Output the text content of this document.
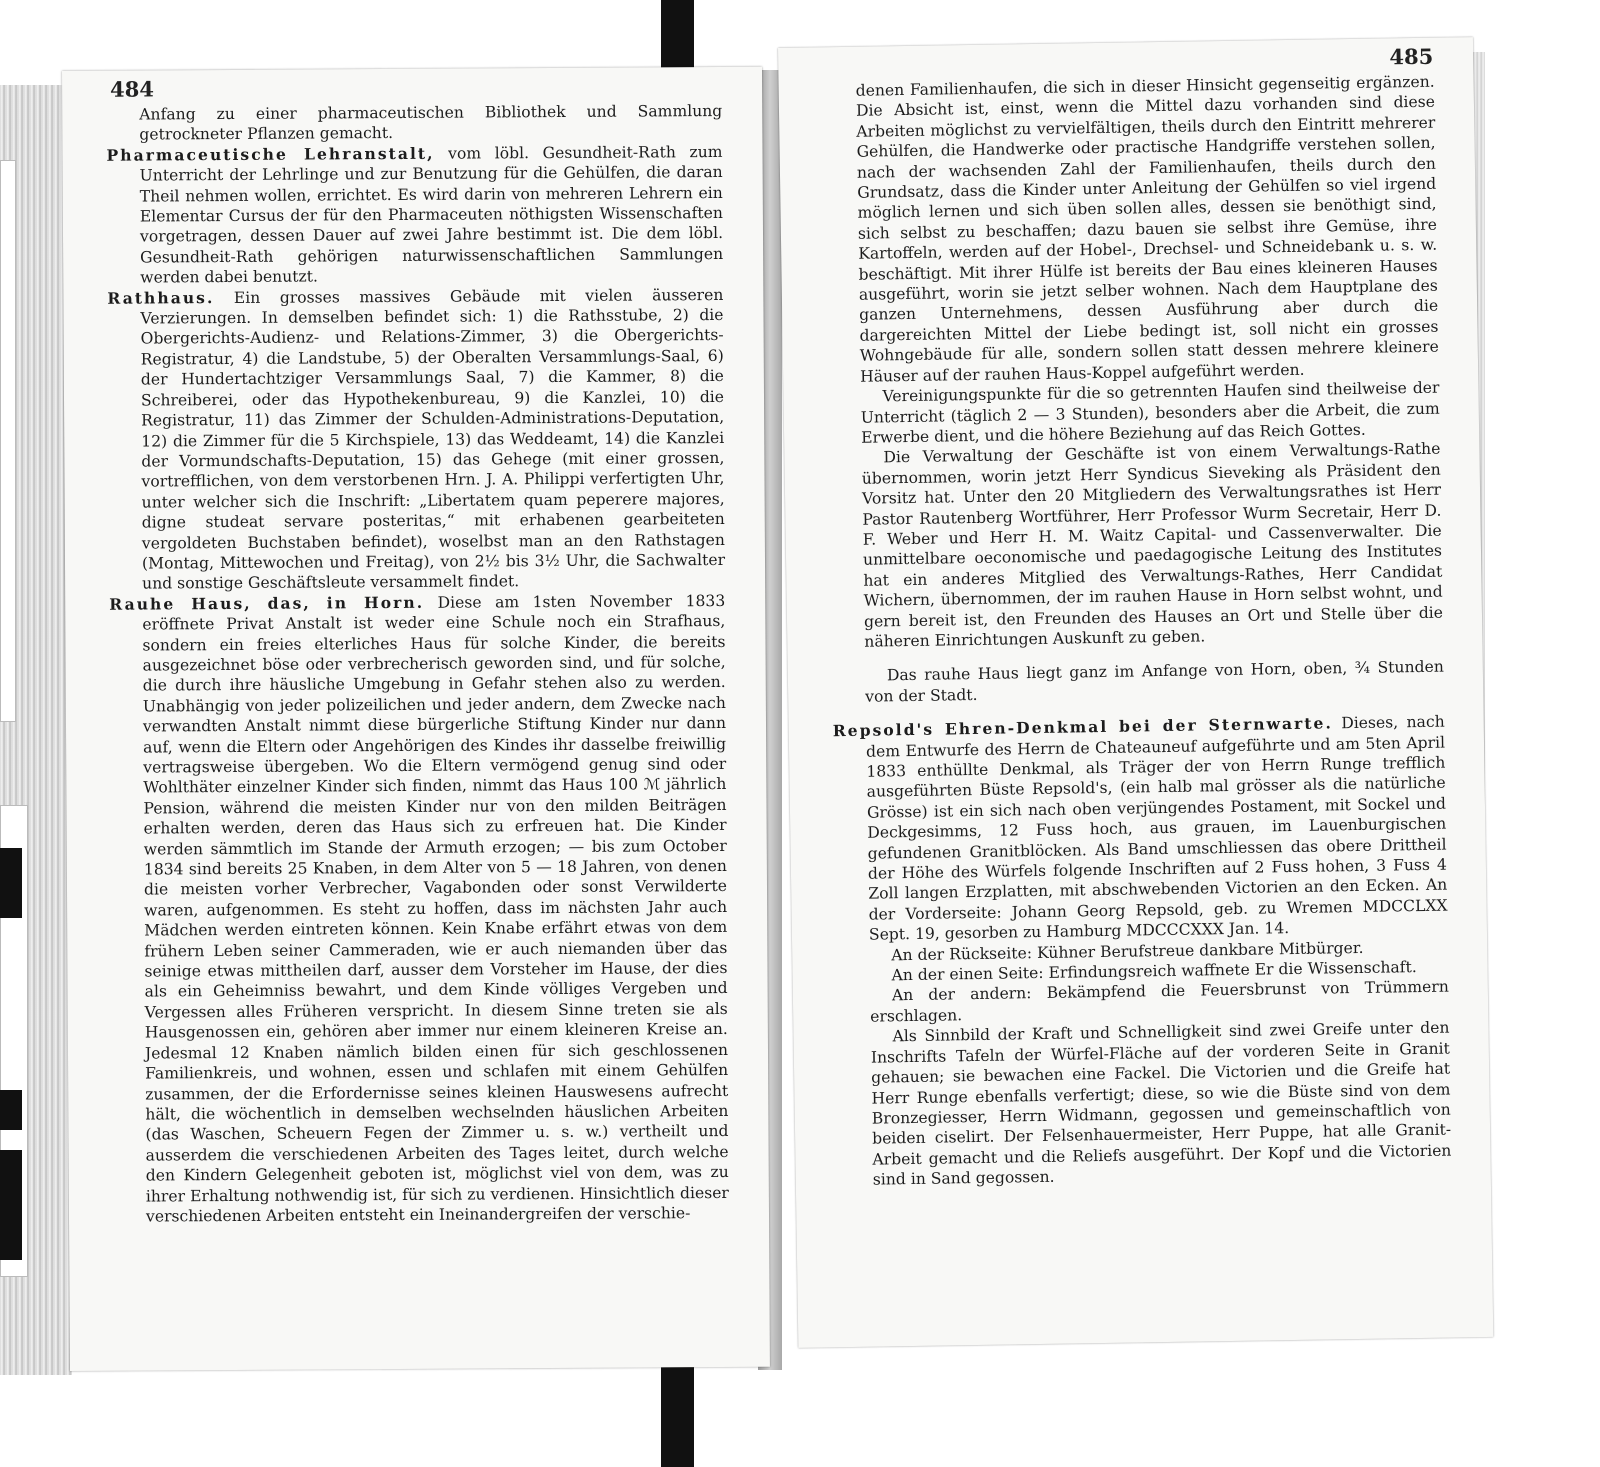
484

Anfang zu einer pharmaceutischen Bibliothek und Sammlung getrockneter Pflanzen gemacht.

Pharmaceutische Lehranstalt, vom löbl. Gesundheit-Rath zum Unterricht der Lehrlinge und zur Benutzung für die Gehülfen, die daran Theil nehmen wollen, errichtet. Es wird darin von mehreren Lehrern ein Elementar Cursus der für den Pharmaceuten nöthigsten Wissenschaften vorgetragen, dessen Dauer auf zwei Jahre bestimmt ist. Die dem löbl. Gesundheit-Rath gehörigen naturwissenschaftlichen Sammlungen werden dabei benutzt.

Rathhaus. Ein grosses massives Gebäude mit vielen äusseren Verzierungen. In demselben befindet sich: 1) die Rathsstube, 2) die Obergerichts-Audienz- und Relations-Zimmer, 3) die Obergerichts-Registratur, 4) die Landstube, 5) der Oberalten Versammlungs-Saal, 6) der Hundertachtziger Versammlungs Saal, 7) die Kammer, 8) die Schreiberei, oder das Hypothekenbureau, 9) die Kanzlei, 10) die Registratur, 11) das Zimmer der Schulden-Administrations-Deputation, 12) die Zimmer für die 5 Kirchspiele, 13) das Weddeamt, 14) die Kanzlei der Vormundschafts-Deputation, 15) das Gehege (mit einer grossen, vortrefflichen, von dem verstorbenen Hrn. J. A. Philippi verfertigten Uhr, unter welcher sich die Inschrift: „Libertatem quam peperere majores, digne studeat servare posteritas,“ mit erhabenen gearbeiteten vergoldeten Buchstaben befindet), woselbst man an den Rathstagen (Montag, Mittewochen und Freitag), von 2½ bis 3½ Uhr, die Sachwalter und sonstige Geschäftsleute versammelt findet.

Rauhe Haus, das, in Horn. Diese am 1sten November 1833 eröffnete Privat Anstalt ist weder eine Schule noch ein Strafhaus, sondern ein freies elterliches Haus für solche Kinder, die bereits ausgezeichnet böse oder verbrecherisch geworden sind, und für solche, die durch ihre häusliche Umgebung in Gefahr stehen also zu werden. Unabhängig von jeder polizeilichen und jeder andern, dem Zwecke nach verwandten Anstalt nimmt diese bürgerliche Stiftung Kinder nur dann auf, wenn die Eltern oder Angehörigen des Kindes ihr dasselbe freiwillig vertragsweise übergeben. Wo die Eltern vermögend genug sind oder Wohlthäter einzelner Kinder sich finden, nimmt das Haus 100 ℳ jährlich Pension, während die meisten Kinder nur von den milden Beiträgen erhalten werden, deren das Haus sich zu erfreuen hat. Die Kinder werden sämmtlich im Stande der Armuth erzogen; — bis zum October 1834 sind bereits 25 Knaben, in dem Alter von 5 — 18 Jahren, von denen die meisten vorher Verbrecher, Vagabonden oder sonst Verwilderte waren, aufgenommen. Es steht zu hoffen, dass im nächsten Jahr auch Mädchen werden eintreten können. Kein Knabe erfährt etwas von dem frühern Leben seiner Cammeraden, wie er auch niemanden über das seinige etwas mittheilen darf, ausser dem Vorsteher im Hause, der dies als ein Geheimniss bewahrt, und dem Kinde völliges Vergeben und Vergessen alles Früheren verspricht. In diesem Sinne treten sie als Hausgenossen ein, gehören aber immer nur einem kleineren Kreise an. Jedesmal 12 Knaben nämlich bilden einen für sich geschlossenen Familienkreis, und wohnen, essen und schlafen mit einem Gehülfen zusammen, der die Erfordernisse seines kleinen Hauswesens aufrecht hält, die wöchentlich in demselben wechselnden häuslichen Arbeiten (das Waschen, Scheuern Fegen der Zimmer u. s. w.) vertheilt und ausserdem die verschiedenen Arbeiten des Tages leitet, durch welche den Kindern Gelegenheit geboten ist, möglichst viel von dem, was zu ihrer Erhaltung nothwendig ist, für sich zu verdienen. Hinsichtlich dieser verschiedenen Arbeiten entsteht ein Ineinandergreifen der verschie-

485

denen Familienhaufen, die sich in dieser Hinsicht gegenseitig ergänzen. Die Absicht ist, einst, wenn die Mittel dazu vorhanden sind diese Arbeiten möglichst zu vervielfältigen, theils durch den Eintritt mehrerer Gehülfen, die Handwerke oder practische Handgriffe verstehen sollen, nach der wachsenden Zahl der Familienhaufen, theils durch den Grundsatz, dass die Kinder unter Anleitung der Gehülfen so viel irgend möglich lernen und sich üben sollen alles, dessen sie benöthigt sind, sich selbst zu beschaffen; dazu bauen sie selbst ihre Gemüse, ihre Kartoffeln, werden auf der Hobel-, Drechsel- und Schneidebank u. s. w. beschäftigt. Mit ihrer Hülfe ist bereits der Bau eines kleineren Hauses ausgeführt, worin sie jetzt selber wohnen. Nach dem Hauptplane des ganzen Unternehmens, dessen Ausführung aber durch die dargereichten Mittel der Liebe bedingt ist, soll nicht ein grosses Wohngebäude für alle, sondern sollen statt dessen mehrere kleinere Häuser auf der rauhen Haus-Koppel aufgeführt werden.

Vereinigungspunkte für die so getrennten Haufen sind theilweise der Unterricht (täglich 2 — 3 Stunden), besonders aber die Arbeit, die zum Erwerbe dient, und die höhere Beziehung auf das Reich Gottes.

Die Verwaltung der Geschäfte ist von einem Verwaltungs-Rathe übernommen, worin jetzt Herr Syndicus Sieveking als Präsident den Vorsitz hat. Unter den 20 Mitgliedern des Verwaltungsrathes ist Herr Pastor Rautenberg Wortführer, Herr Professor Wurm Secretair, Herr D. F. Weber und Herr H. M. Waitz Capital- und Cassenverwalter. Die unmittelbare oeconomische und paedagogische Leitung des Institutes hat ein anderes Mitglied des Verwaltungs-Rathes, Herr Candidat Wichern, übernommen, der im rauhen Hause in Horn selbst wohnt, und gern bereit ist, den Freunden des Hauses an Ort und Stelle über die näheren Einrichtungen Auskunft zu geben.

Das rauhe Haus liegt ganz im Anfange von Horn, oben, ¾ Stunden von der Stadt.

Repsold's Ehren-Denkmal bei der Sternwarte. Dieses, nach dem Entwurfe des Herrn de Chateauneuf aufgeführte und am 5ten April 1833 enthüllte Denkmal, als Träger der von Herrn Runge trefflich ausgeführten Büste Repsold's, (ein halb mal grösser als die natürliche Grösse) ist ein sich nach oben verjüngendes Postament, mit Sockel und Deckgesimms, 12 Fuss hoch, aus grauen, im Lauenburgischen gefundenen Granitblöcken. Als Band umschliessen das obere Drittheil der Höhe des Würfels folgende Inschriften auf 2 Fuss hohen, 3 Fuss 4 Zoll langen Erzplatten, mit abschwebenden Victorien an den Ecken. An der Vorderseite: Johann Georg Repsold, geb. zu Wremen MDCCLXX Sept. 19, gesorben zu Hamburg MDCCCXXX Jan. 14.

An der Rückseite: Kühner Berufstreue dankbare Mitbürger.

An der einen Seite: Erfindungsreich waffnete Er die Wissenschaft.

An der andern: Bekämpfend die Feuersbrunst von Trümmern erschlagen.

Als Sinnbild der Kraft und Schnelligkeit sind zwei Greife unter den Inschrifts Tafeln der Würfel-Fläche auf der vorderen Seite in Granit gehauen; sie bewachen eine Fackel. Die Victorien und die Greife hat Herr Runge ebenfalls verfertigt; diese, so wie die Büste sind von dem Bronzegiesser, Herrn Widmann, gegossen und gemeinschaftlich von beiden ciselirt. Der Felsenhauermeister, Herr Puppe, hat alle Granit-Arbeit gemacht und die Reliefs ausgeführt. Der Kopf und die Victorien sind in Sand gegossen.
